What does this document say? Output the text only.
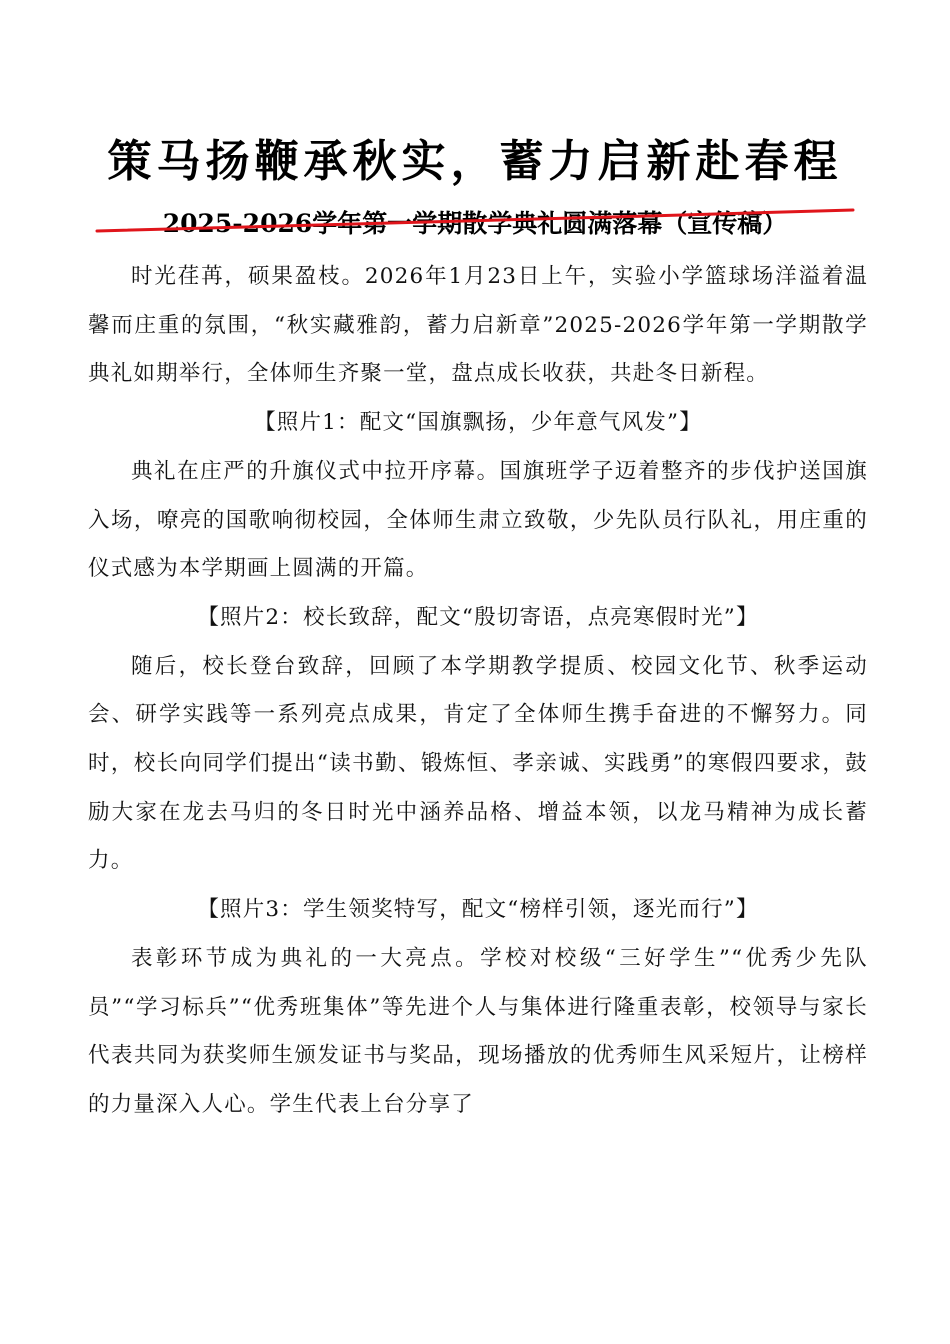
策马扬鞭承秋实，蓄力启新赴春程
2025-2026学年第一学期散学典礼圆满落幕（宣传稿）

时光荏苒，硕果盈枝。2026年1月23日上午，实验小学篮球场洋溢着温馨而庄重的氛围，“秋实藏雅韵，蓄力启新章”2025-2026学年第一学期散学典礼如期举行，全体师生齐聚一堂，盘点成长收获，共赴冬日新程。

【照片1：配文“国旗飘扬，少年意气风发”】

典礼在庄严的升旗仪式中拉开序幕。国旗班学子迈着整齐的步伐护送国旗入场，嘹亮的国歌响彻校园，全体师生肃立致敬，少先队员行队礼，用庄重的仪式感为本学期画上圆满的开篇。

【照片2：校长致辞，配文“殷切寄语，点亮寒假时光”】

随后，校长登台致辞，回顾了本学期教学提质、校园文化节、秋季运动会、研学实践等一系列亮点成果，肯定了全体师生携手奋进的不懈努力。同时，校长向同学们提出“读书勤、锻炼恒、孝亲诚、实践勇”的寒假四要求，鼓励大家在龙去马归的冬日时光中涵养品格、增益本领，以龙马精神为成长蓄力。

【照片3：学生领奖特写，配文“榜样引领，逐光而行”】

表彰环节成为典礼的一大亮点。学校对校级“三好学生”“优秀少先队员”“学习标兵”“优秀班集体”等先进个人与集体进行隆重表彰，校领导与家长代表共同为获奖师生颁发证书与奖品，现场播放的优秀师生风采短片，让榜样的力量深入人心。学生代表上台分享了
